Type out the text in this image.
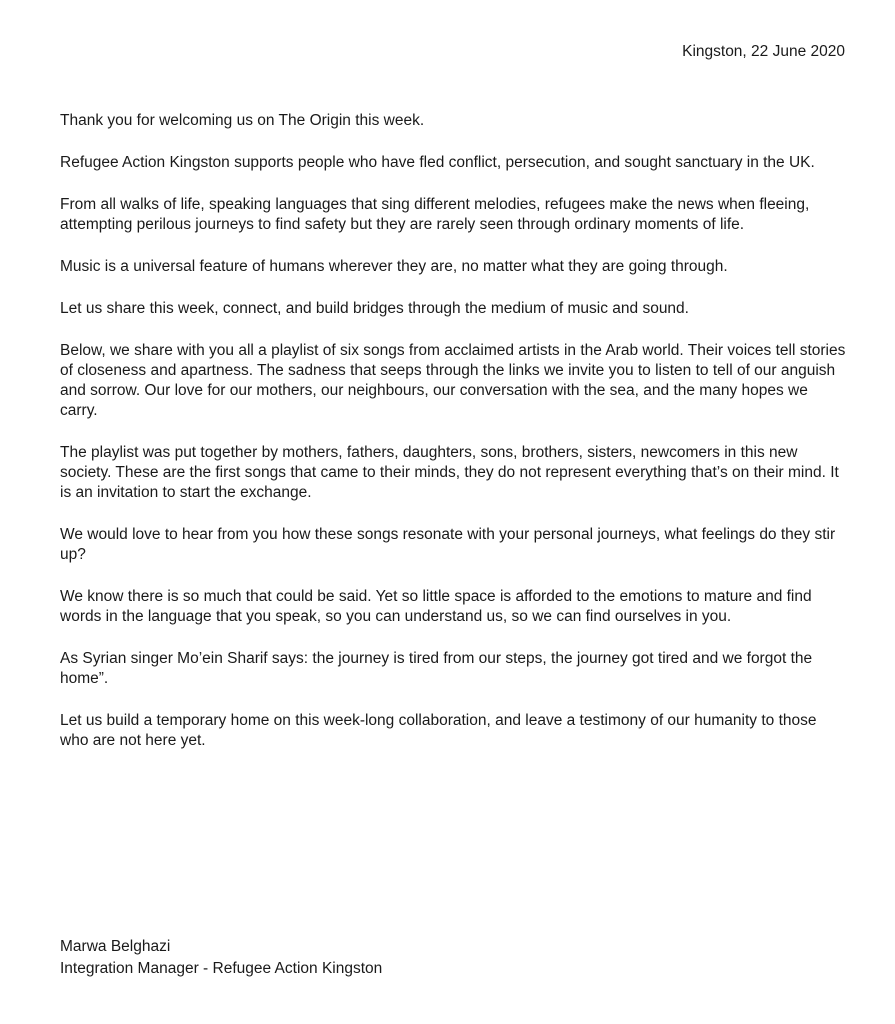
Kingston, 22 June 2020

Thank you for welcoming us on The Origin this week.

Refugee Action Kingston supports people who have fled conflict, persecution, and sought sanctuary in the UK.

From all walks of life, speaking languages that sing different melodies, refugees make the news when fleeing, attempting perilous journeys to find safety but they are rarely seen through ordinary moments of life.

Music is a universal feature of humans wherever they are, no matter what they are going through.

Let us share this week, connect, and build bridges through the medium of music and sound.

Below, we share with you all a playlist of six songs from acclaimed artists in the Arab world. Their voices tell stories of closeness and apartness. The sadness that seeps through the links we invite you to listen to tell of our anguish and sorrow. Our love for our mothers, our neighbours, our conversation with the sea, and the many hopes we carry.

The playlist was put together by mothers, fathers, daughters, sons, brothers, sisters, newcomers in this new society. These are the first songs that came to their minds, they do not represent everything that’s on their mind. It is an invitation to start the exchange.

We would love to hear from you how these songs resonate with your personal journeys, what feelings do they stir up?

We know there is so much that could be said. Yet so little space is afforded to the emotions to mature and find words in the language that you speak, so you can understand us, so we can find ourselves in you.

As Syrian singer Mo’ein Sharif says: the journey is tired from our steps, the journey got tired and we forgot the home”.

Let us build a temporary home on this week-long collaboration, and leave a testimony of our humanity to those who are not here yet.

Marwa Belghazi
Integration Manager - Refugee Action Kingston
